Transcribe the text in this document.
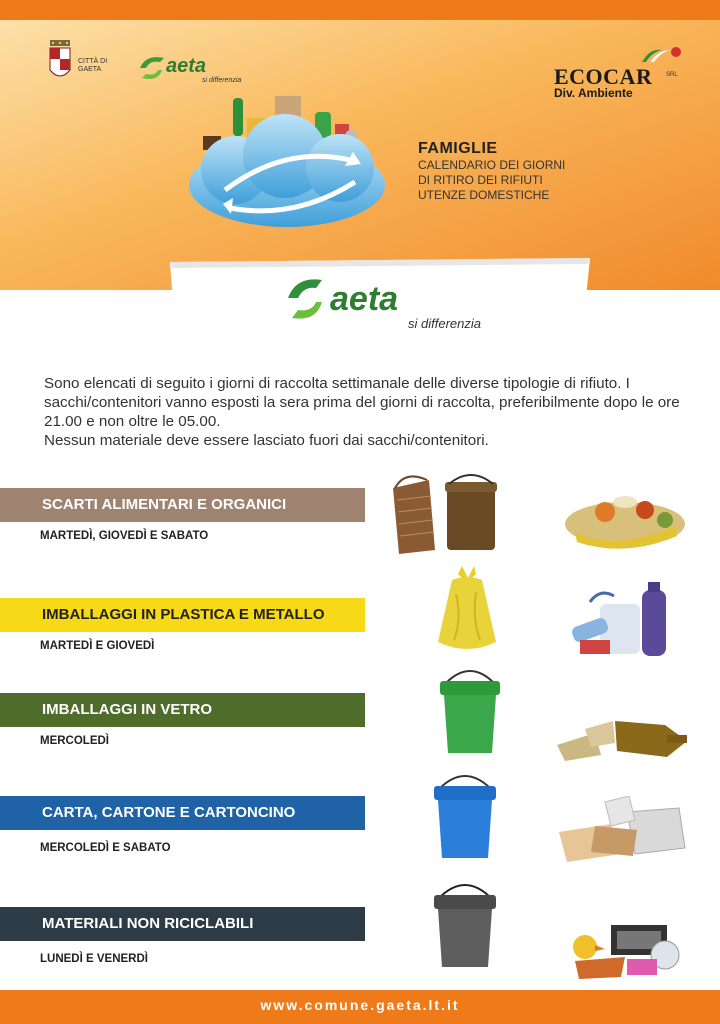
CITTÀ DI
GAETA	aeta
si differenzia	ECOCAR SRL
Div. Ambiente
FAMIGLIE
CALENDARIO DEI GIORNI
DI RITIRO DEI RIFIUTI
UTENZE DOMESTICHE
aeta
si differenzia

Sono elencati di seguito i giorni di raccolta settimanale delle diverse tipologie di rifiuto. I sacchi/contenitori vanno esposti la sera prima del giorni di raccolta, preferibilmente dopo le ore 21.00 e non oltre le 05.00.

Nessun materiale deve essere lasciato fuori dai sacchi/contenitori.

SCARTI ALIMENTARI E ORGANICI
MARTEDÌ, GIOVEDÌ E SABATO
IMBALLAGGI IN PLASTICA E METALLO
MARTEDÌ E GIOVEDÌ
IMBALLAGGI IN VETRO
MERCOLEDÌ
CARTA, CARTONE E CARTONCINO
MERCOLEDÌ E SABATO
MATERIALI NON RICICLABILI
LUNEDÌ E VENERDÌ
www.comune.gaeta.lt.it
